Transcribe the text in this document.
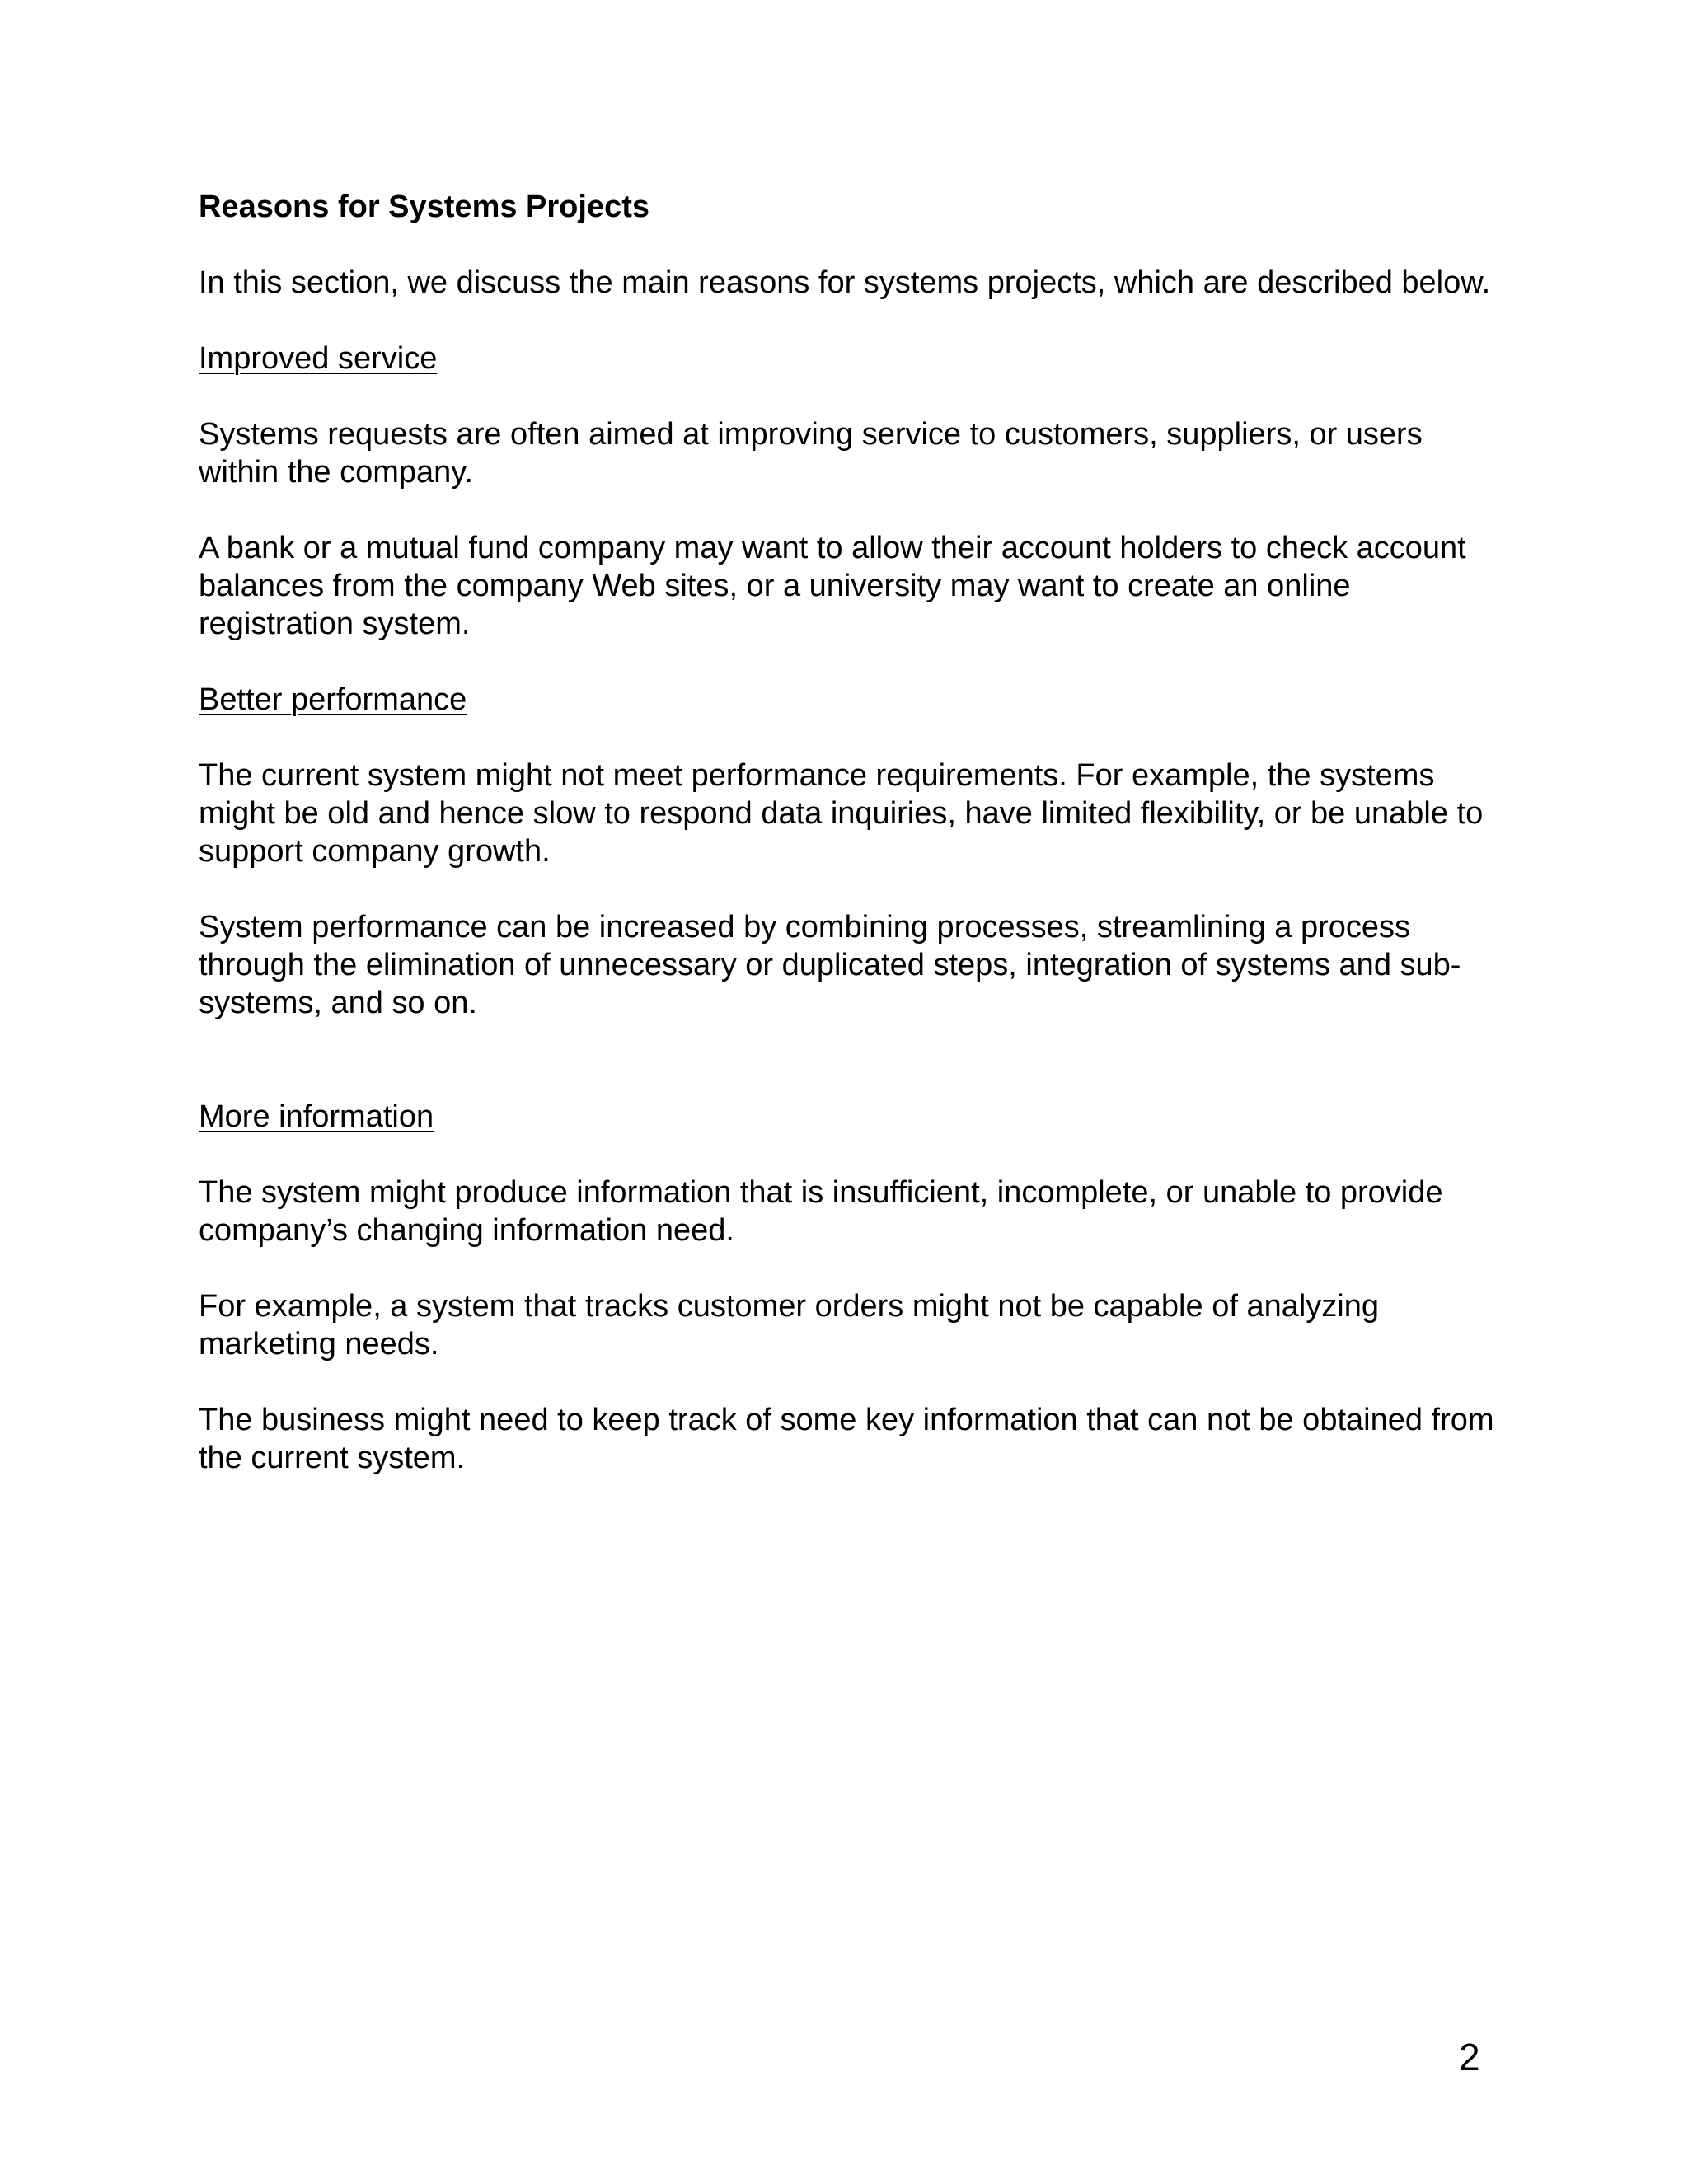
Reasons for Systems Projects

In this section, we discuss the main reasons for systems projects, which are described below.

Improved service

Systems requests are often aimed at improving service to customers, suppliers, or users within the company.

A bank or a mutual fund company may want to allow their account holders to check account balances from the company Web sites, or a university may want to create an online registration system.

Better performance

The current system might not meet performance requirements. For example, the systems might be old and hence slow to respond data inquiries, have limited flexibility, or be unable to support company growth.

System performance can be increased by combining processes, streamlining a process through the elimination of unnecessary or duplicated steps, integration of systems and sub-systems, and so on.

More information

The system might produce information that is insufficient, incomplete, or unable to provide company’s changing information need.

For example, a system that tracks customer orders might not be capable of analyzing marketing needs.

The business might need to keep track of some key information that can not be obtained from the current system.

2
